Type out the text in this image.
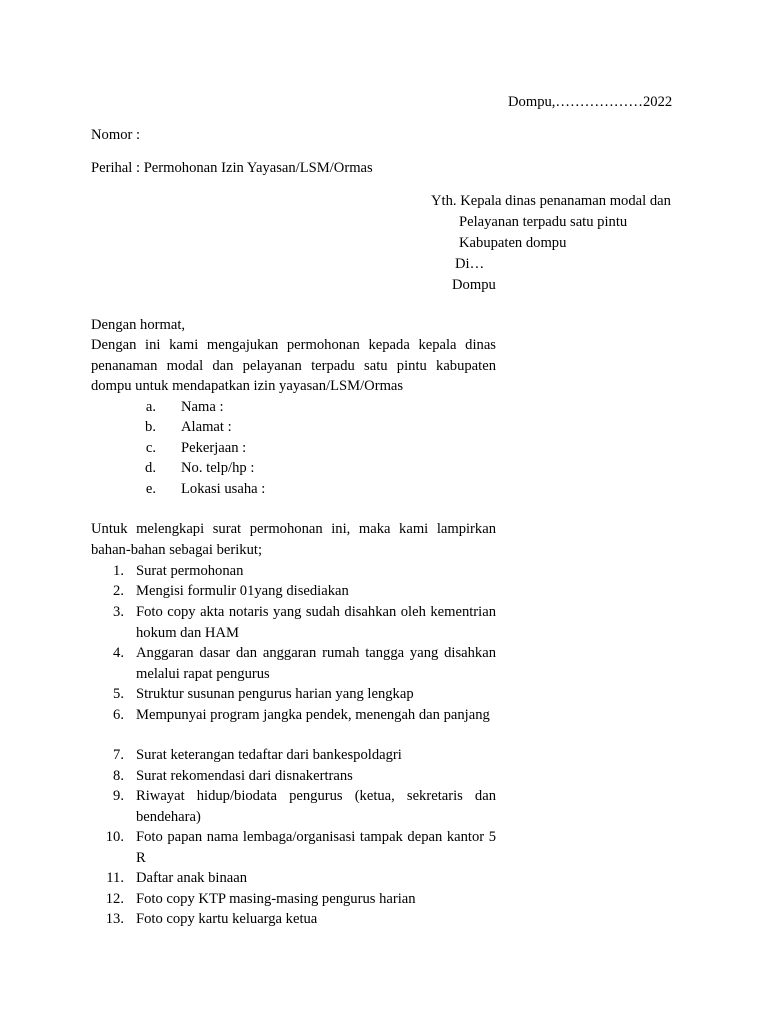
Dompu,………………2022

Nomor :

Perihal : Permohonan Izin Yayasan/LSM/Ormas

Yth. Kepala dinas penanaman modal dan

Pelayanan terpadu satu pintu

Kabupaten dompu

Di…

Dompu

Dengan hormat,

Dengan ini kami mengajukan permohonan kepada kepala dinas penanaman modal dan pelayanan terpadu satu pintu kabupaten dompu untuk mendapatkan izin yayasan/LSM/Ormas

a. Nama :
b. Alamat :
c. Pekerjaan :
d. No. telp/hp :
e. Lokasi usaha :

Untuk melengkapi surat permohonan ini, maka kami lampirkan bahan-bahan sebagai berikut;

1. Surat permohonan

2. Mengisi formulir 01yang disediakan

3. Foto copy akta notaris yang sudah disahkan oleh kementrian hokum dan HAM

4. Anggaran dasar dan anggaran rumah tangga yang disahkan melalui rapat pengurus

5. Struktur susunan pengurus harian yang lengkap

6. Mempunyai program jangka pendek, menengah dan panjang

7. Surat keterangan tedaftar dari bankespoldagri

8. Surat rekomendasi dari disnakertrans

9. Riwayat hidup/biodata pengurus (ketua, sekretaris dan bendehara)

10. Foto papan nama lembaga/organisasi tampak depan kantor 5 R

11. Daftar anak binaan

12. Foto copy KTP masing-masing pengurus harian

13. Foto copy kartu keluarga ketua
